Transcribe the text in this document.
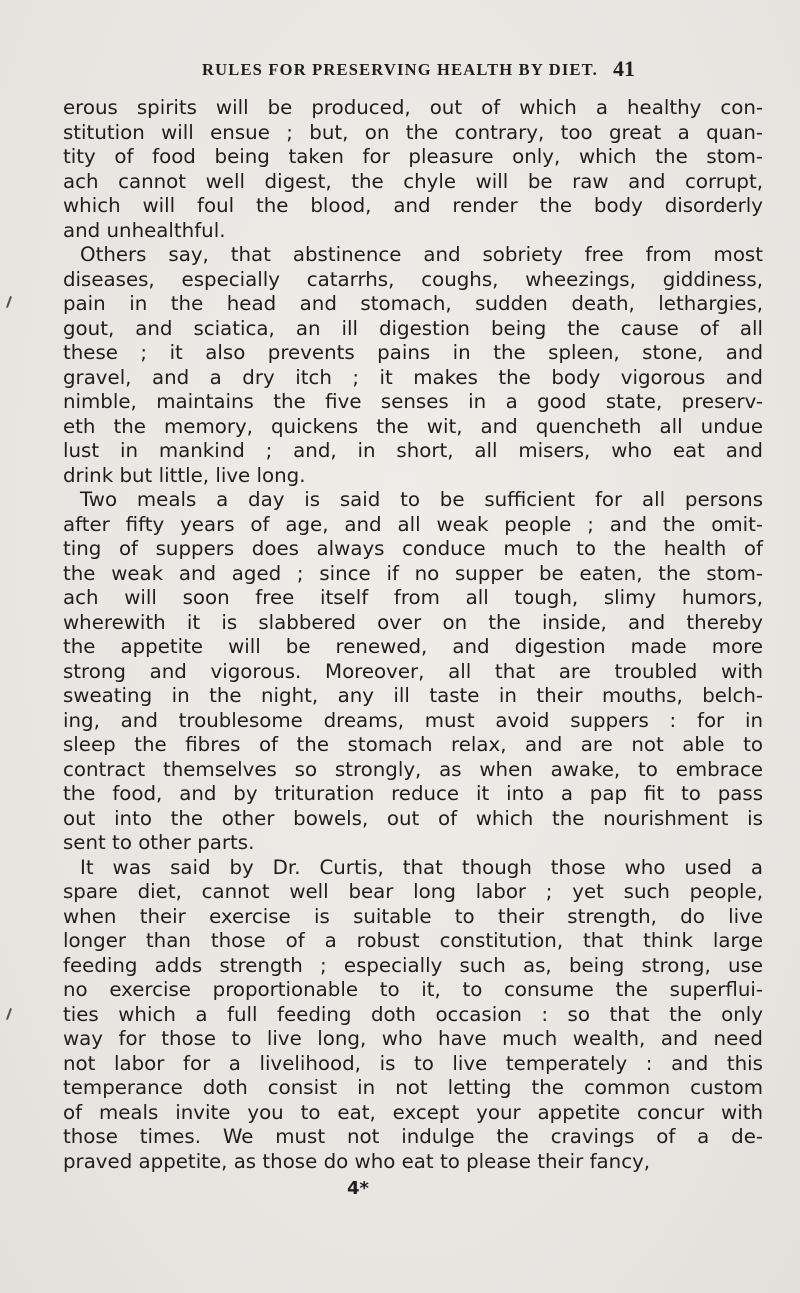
RULES FOR PRESERVING HEALTH BY DIET. 41
erous spirits will be produced, out of which a healthy con-
stitution will ensue ; but, on the contrary, too great a quan-
tity of food being taken for pleasure only, which the stom-
ach cannot well digest, the chyle will be raw and corrupt,
which will foul the blood, and render the body disorderly
and unhealthful.
Others say, that abstinence and sobriety free from most
diseases, especially catarrhs, coughs, wheezings, giddiness,
pain in the head and stomach, sudden death, lethargies,
gout, and sciatica, an ill digestion being the cause of all
these ; it also prevents pains in the spleen, stone, and
gravel, and a dry itch ; it makes the body vigorous and
nimble, maintains the five senses in a good state, preserv-
eth the memory, quickens the wit, and quencheth all undue
lust in mankind ; and, in short, all misers, who eat and
drink but little, live long.
Two meals a day is said to be sufficient for all persons
after fifty years of age, and all weak people ; and the omit-
ting of suppers does always conduce much to the health of
the weak and aged ; since if no supper be eaten, the stom-
ach will soon free itself from all tough, slimy humors,
wherewith it is slabbered over on the inside, and thereby
the appetite will be renewed, and digestion made more
strong and vigorous. Moreover, all that are troubled with
sweating in the night, any ill taste in their mouths, belch-
ing, and troublesome dreams, must avoid suppers : for in
sleep the fibres of the stomach relax, and are not able to
contract themselves so strongly, as when awake, to embrace
the food, and by trituration reduce it into a pap fit to pass
out into the other bowels, out of which the nourishment is
sent to other parts.
It was said by Dr. Curtis, that though those who used a
spare diet, cannot well bear long labor ; yet such people,
when their exercise is suitable to their strength, do live
longer than those of a robust constitution, that think large
feeding adds strength ; especially such as, being strong, use
no exercise proportionable to it, to consume the superflui-
ties which a full feeding doth occasion : so that the only
way for those to live long, who have much wealth, and need
not labor for a livelihood, is to live temperately : and this
temperance doth consist in not letting the common custom
of meals invite you to eat, except your appetite concur with
those times. We must not indulge the cravings of a de-
praved appetite, as those do who eat to please their fancy,
4*
